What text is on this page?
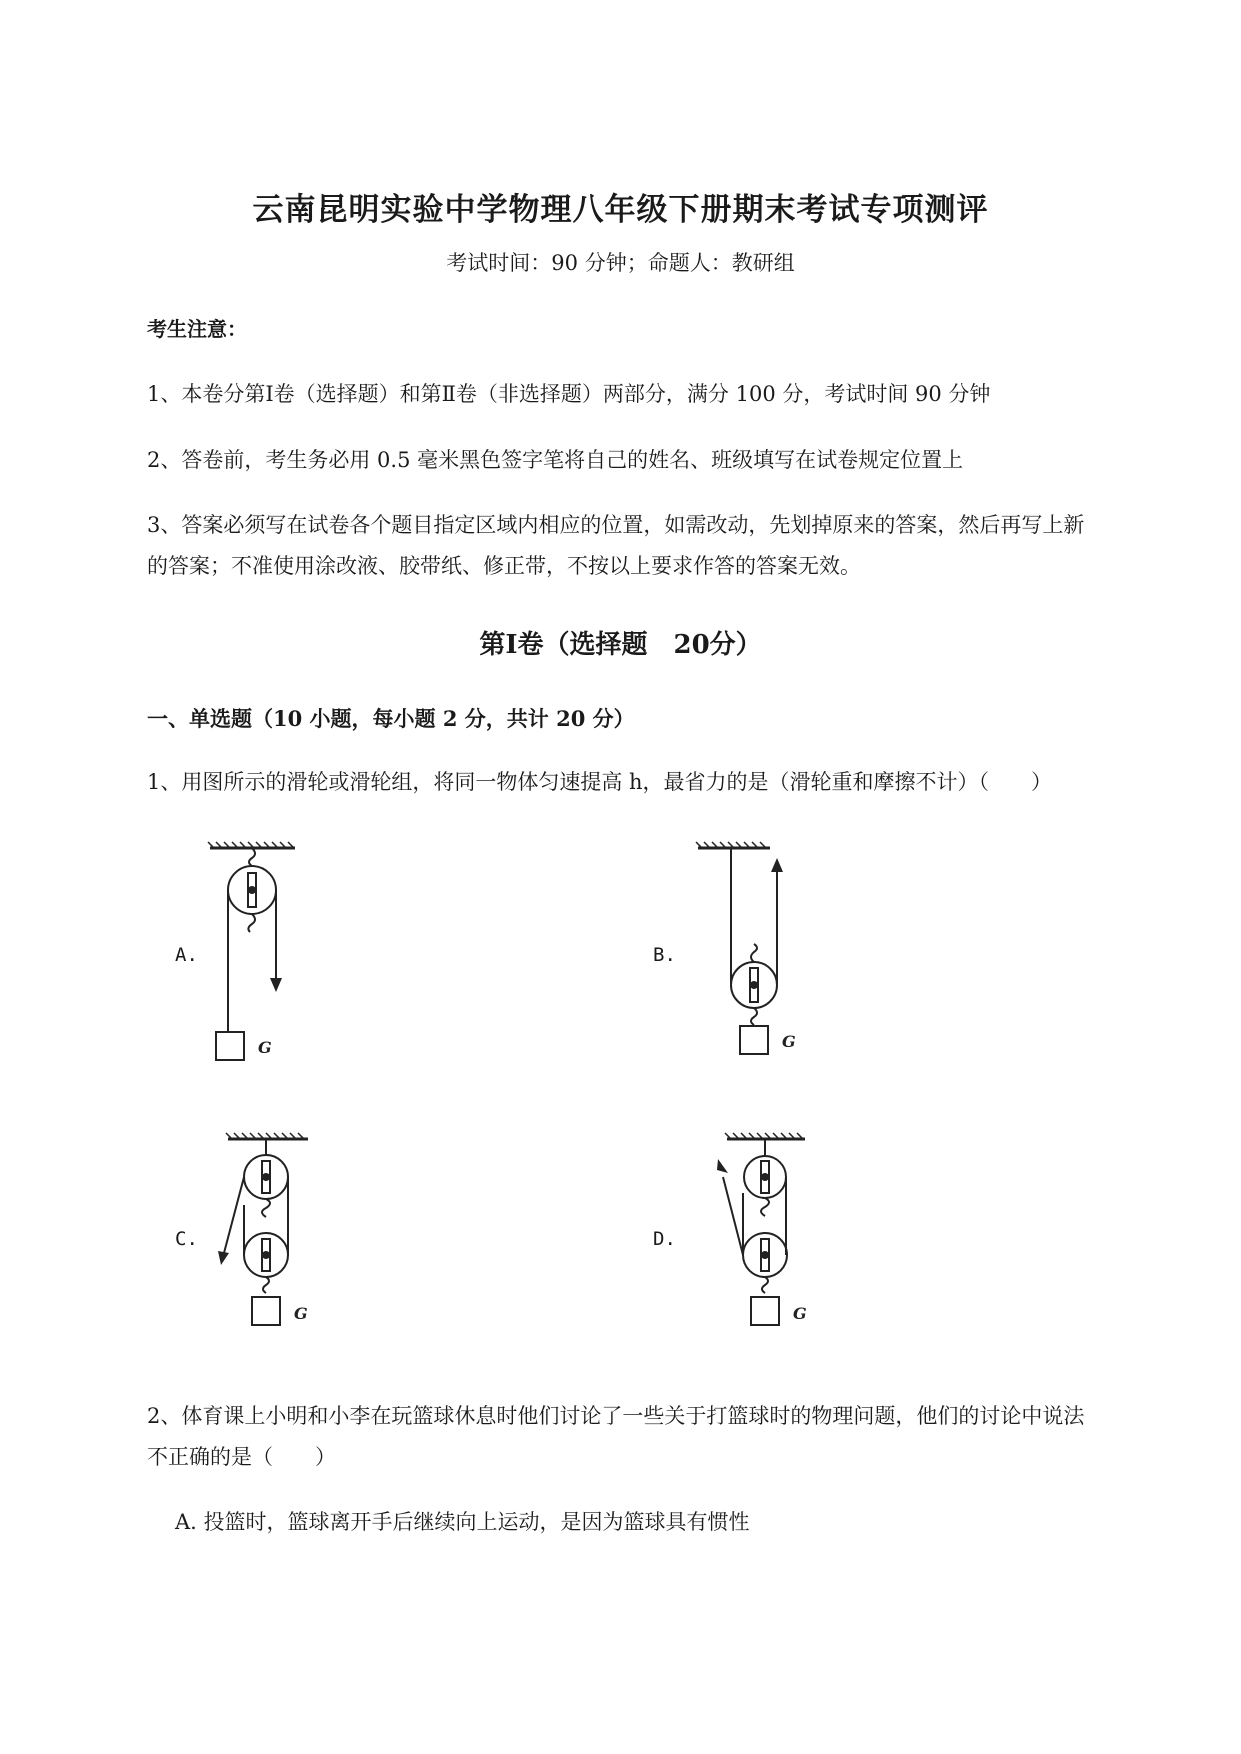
云南昆明实验中学物理八年级下册期末考试专项测评
考试时间：90 分钟；命题人：教研组
考生注意：
1、本卷分第Ⅰ卷（选择题）和第Ⅱ卷（非选择题）两部分，满分 100 分，考试时间 90 分钟
2、答卷前，考生务必用 0.5 毫米黑色签字笔将自己的姓名、班级填写在试卷规定位置上
3、答案必须写在试卷各个题目指定区域内相应的位置，如需改动，先划掉原来的答案，然后再写上新
的答案；不准使用涂改液、胶带纸、修正带，不按以上要求作答的答案无效。
第Ⅰ卷（选择题　20分）
一、单选题（10 小题，每小题 2 分，共计 20 分）
1、用图所示的滑轮或滑轮组，将同一物体匀速提高 h，最省力的是（滑轮重和摩擦不计）（　　）
A.	B.
C.	D.
G	G
G	G
2、体育课上小明和小李在玩篮球休息时他们讨论了一些关于打篮球时的物理问题，他们的讨论中说法
不正确的是（　　）
A. 投篮时，篮球离开手后继续向上运动，是因为篮球具有惯性
